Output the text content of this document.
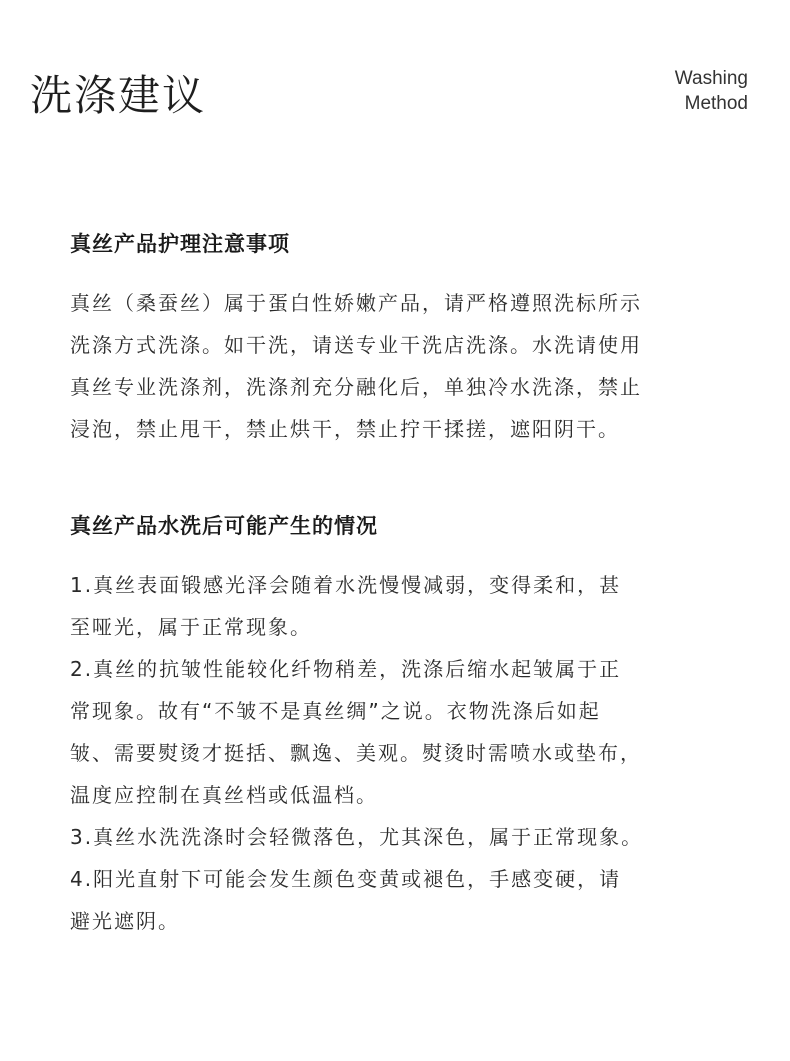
洗涤建议	Washing
Method
真丝产品护理注意事项
真丝（桑蚕丝）属于蛋白性娇嫩产品，请严格遵照洗标所示
洗涤方式洗涤。如干洗，请送专业干洗店洗涤。水洗请使用
真丝专业洗涤剂，洗涤剂充分融化后，单独冷水洗涤，禁止
浸泡，禁止甩干，禁止烘干，禁止拧干揉搓，遮阳阴干。
真丝产品水洗后可能产生的情况
1.真丝表面锻感光泽会随着水洗慢慢减弱，变得柔和，甚
至哑光，属于正常现象。
2.真丝的抗皱性能较化纤物稍差，洗涤后缩水起皱属于正
常现象。故有“不皱不是真丝绸”之说。衣物洗涤后如起
皱、需要熨烫才挺括、飘逸、美观。熨烫时需喷水或垫布，
温度应控制在真丝档或低温档。
3.真丝水洗洗涤时会轻微落色，尤其深色，属于正常现象。
4.阳光直射下可能会发生颜色变黄或褪色，手感变硬，请
避光遮阴。
